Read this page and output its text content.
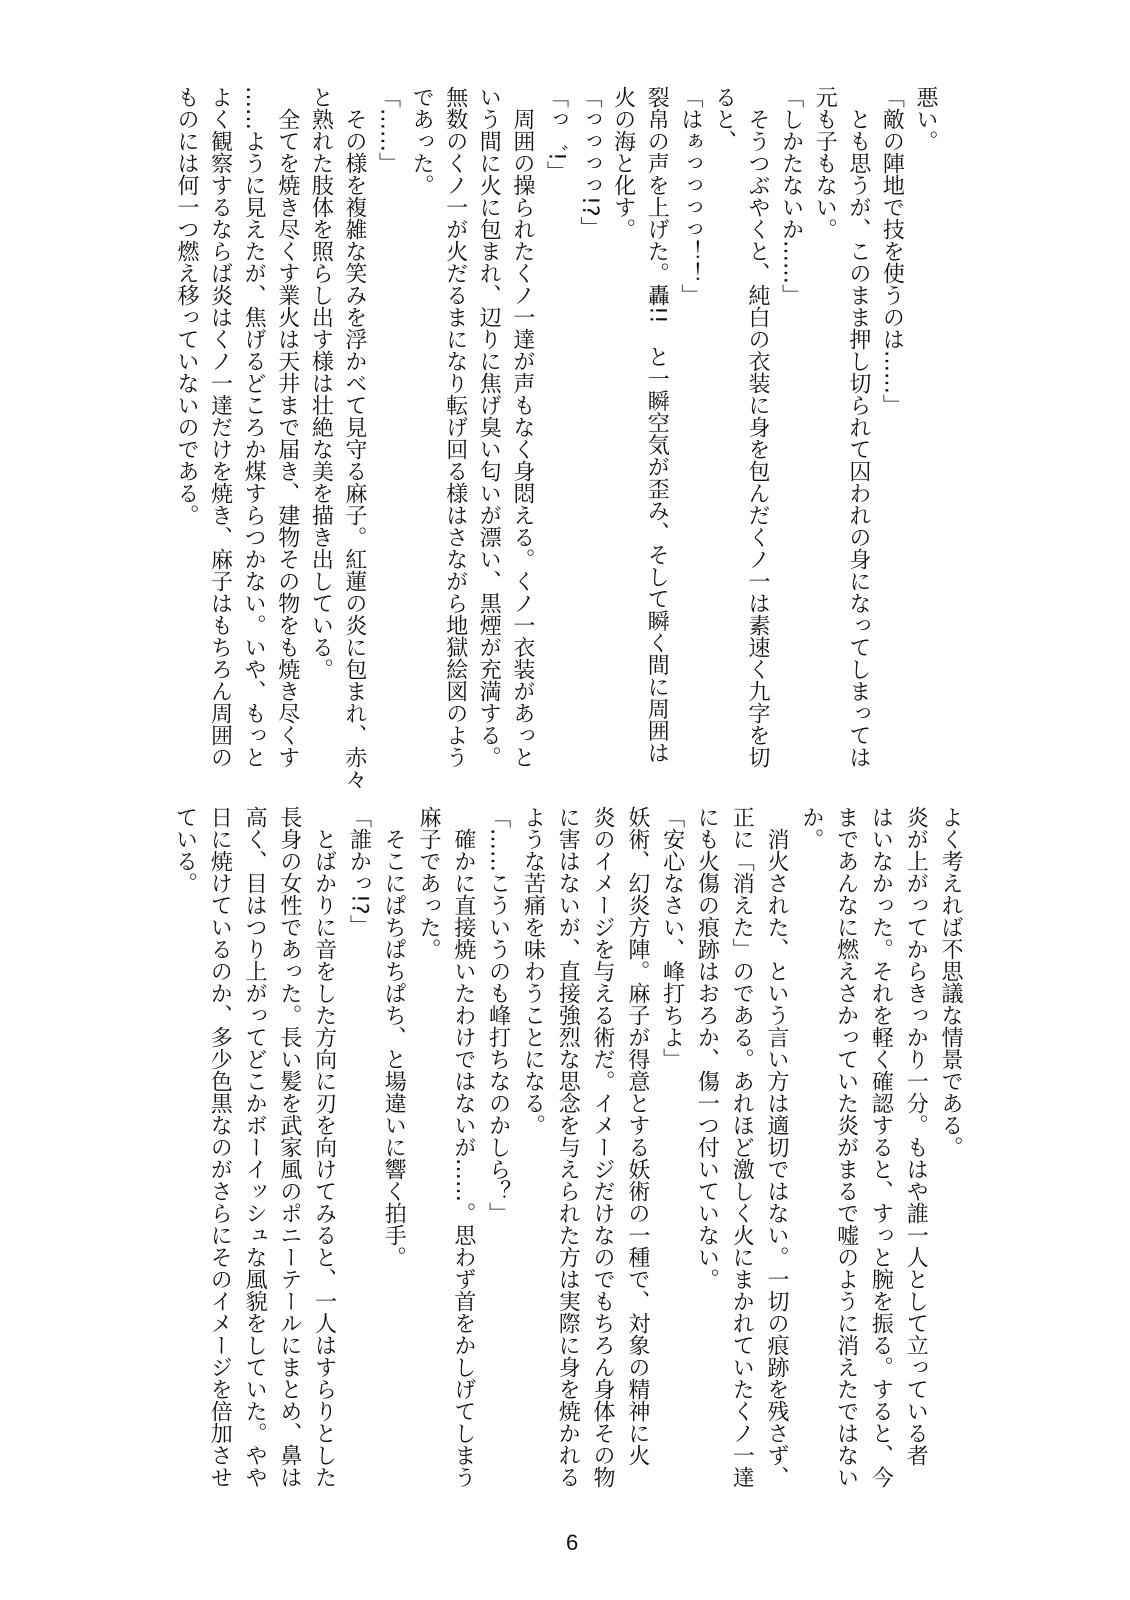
悪い。
「敵の陣地で技を使うのは……」
　とも思うが、このまま押し切られて囚われの身になってしまっては
元も子もない。
「しかたないか……」
　そうつぶやくと、純白の衣装に身を包んだくノ一は素速く九字を切
ると、
「はぁっっっっ！！」
裂帛の声を上げた。轟!!　と一瞬空気が歪み、そして瞬く間に周囲は
火の海と化す。
「っっっっ!?」
「っ゛!」
　周囲の操られたくノ一達が声もなく身悶える。くノ一衣装があっと
いう間に火に包まれ、辺りに焦げ臭い匂いが漂い、黒煙が充満する。
無数のくノ一が火だるまになり転げ回る様はさながら地獄絵図のよう
であった。
「……」
　その様を複雑な笑みを浮かべて見守る麻子。紅蓮の炎に包まれ、赤々
と熟れた肢体を照らし出す様は壮絶な美を描き出している。
　全てを焼き尽くす業火は天井まで届き、建物その物をも焼き尽くす
……ように見えたが、焦げるどころか煤すらつかない。いや、もっと
よく観察するならば炎はくノ一達だけを焼き、麻子はもちろん周囲の
ものには何一つ燃え移っていないのである。
よく考えれば不思議な情景である。
炎が上がってからきっかり一分。もはや誰一人として立っている者
はいなかった。それを軽く確認すると、すっと腕を振る。すると、今
まであんなに燃えさかっていた炎がまるで嘘のように消えたではない
か。
　消火された、という言い方は適切ではない。一切の痕跡を残さず、
正に「消えた」のである。あれほど激しく火にまかれていたくノ一達
にも火傷の痕跡はおろか、傷一つ付いていない。
「安心なさい、峰打ちよ」
妖術、幻炎方陣。麻子が得意とする妖術の一種で、対象の精神に火
炎のイメージを与える術だ。イメージだけなのでもちろん身体その物
に害はないが、直接強烈な思念を与えられた方は実際に身を焼かれる
ような苦痛を味わうことになる。
「……こういうのも峰打ちなのかしら？」
　確かに直接焼いたわけではないが……。思わず首をかしげてしまう
麻子であった。
　そこにぱちぱちぱち、と場違いに響く拍手。
「誰かっ!?」
　とばかりに音をした方向に刃を向けてみると、一人はすらりとした
長身の女性であった。長い髪を武家風のポニーテールにまとめ、鼻は
高く、目はつり上がってどこかボーイッシュな風貌をしていた。やや
日に焼けているのか、多少色黒なのがさらにそのイメージを倍加させ
ている。
6
